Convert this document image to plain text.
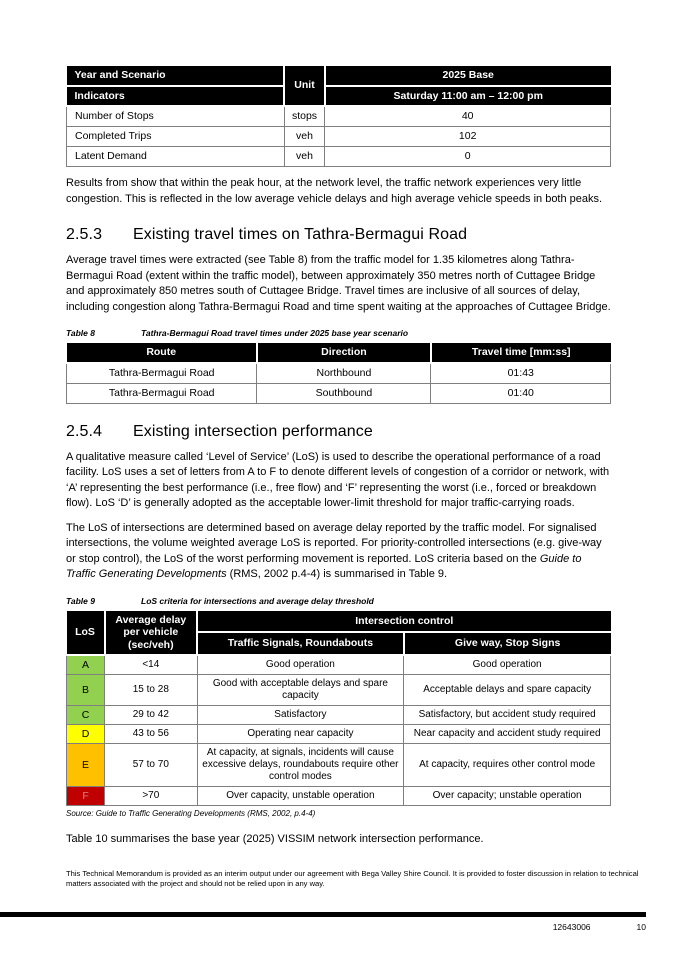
Year and Scenario	Unit	2025 Base
Indicators		Saturday 11:00 am – 12:00 pm
Number of Stops	stops	40
Completed Trips	veh	102
Latent Demand	veh	0

Results from show that within the peak hour, at the network level, the traffic network experiences very little congestion. This is reflected in the low average vehicle delays and high average vehicle speeds in both peaks.

2.5.3 Existing travel times on Tathra-Bermagui Road

Average travel times were extracted (see Table 8) from the traffic model for 1.35 kilometres along Tathra-Bermagui Road (extent within the traffic model), between approximately 350 metres north of Cuttagee Bridge and approximately 850 metres south of Cuttagee Bridge. Travel times are inclusive of all sources of delay, including congestion along Tathra-Bermagui Road and time spent waiting at the approaches of Cuttagee Bridge.

Table 8	Tathra-Bermagui Road travel times under 2025 base year scenario
Route	Direction	Travel time [mm:ss]
Tathra-Bermagui Road	Northbound	01:43
Tathra-Bermagui Road	Southbound	01:40
2.5.4 Existing intersection performance

A qualitative measure called ‘Level of Service’ (LoS) is used to describe the operational performance of a road facility. LoS uses a set of letters from A to F to denote different levels of congestion of a corridor or network, with ‘A’ representing the best performance (i.e., free flow) and ‘F’ representing the worst (i.e., forced or breakdown flow). LoS ‘D’ is generally adopted as the acceptable lower-limit threshold for major traffic-carrying roads.

The LoS of intersections are determined based on average delay reported by the traffic model. For signalised intersections, the volume weighted average LoS is reported. For priority-controlled intersections (e.g. give-way or stop control), the LoS of the worst performing movement is reported. LoS criteria based on the Guide to Traffic Generating Developments (RMS, 2002 p.4-4) is summarised in Table 9.

Table 9	LoS criteria for intersections and average delay threshold
LoS	Average delay per vehicle (sec/veh)	Intersection control	
		Traffic Signals, Roundabouts	Give way, Stop Signs
A	<14	Good operation	Good operation
B	15 to 28	Good with acceptable delays and spare capacity	Acceptable delays and spare capacity
C	29 to 42	Satisfactory	Satisfactory, but accident study required
D	43 to 56	Operating near capacity	Near capacity and accident study required
E	57 to 70	At capacity, at signals, incidents will cause excessive delays, roundabouts require other control modes	At capacity, requires other control mode
F	>70	Over capacity, unstable operation	Over capacity; unstable operation

Source: Guide to Traffic Generating Developments (RMS, 2002, p.4-4)

Table 10 summarises the base year (2025) VISSIM network intersection performance.

This Technical Memorandum is provided as an interim output under our agreement with Bega Valley Shire Council. It is provided to foster discussion in relation to technical matters associated with the project and should not be relied upon in any way.
12643006	10
